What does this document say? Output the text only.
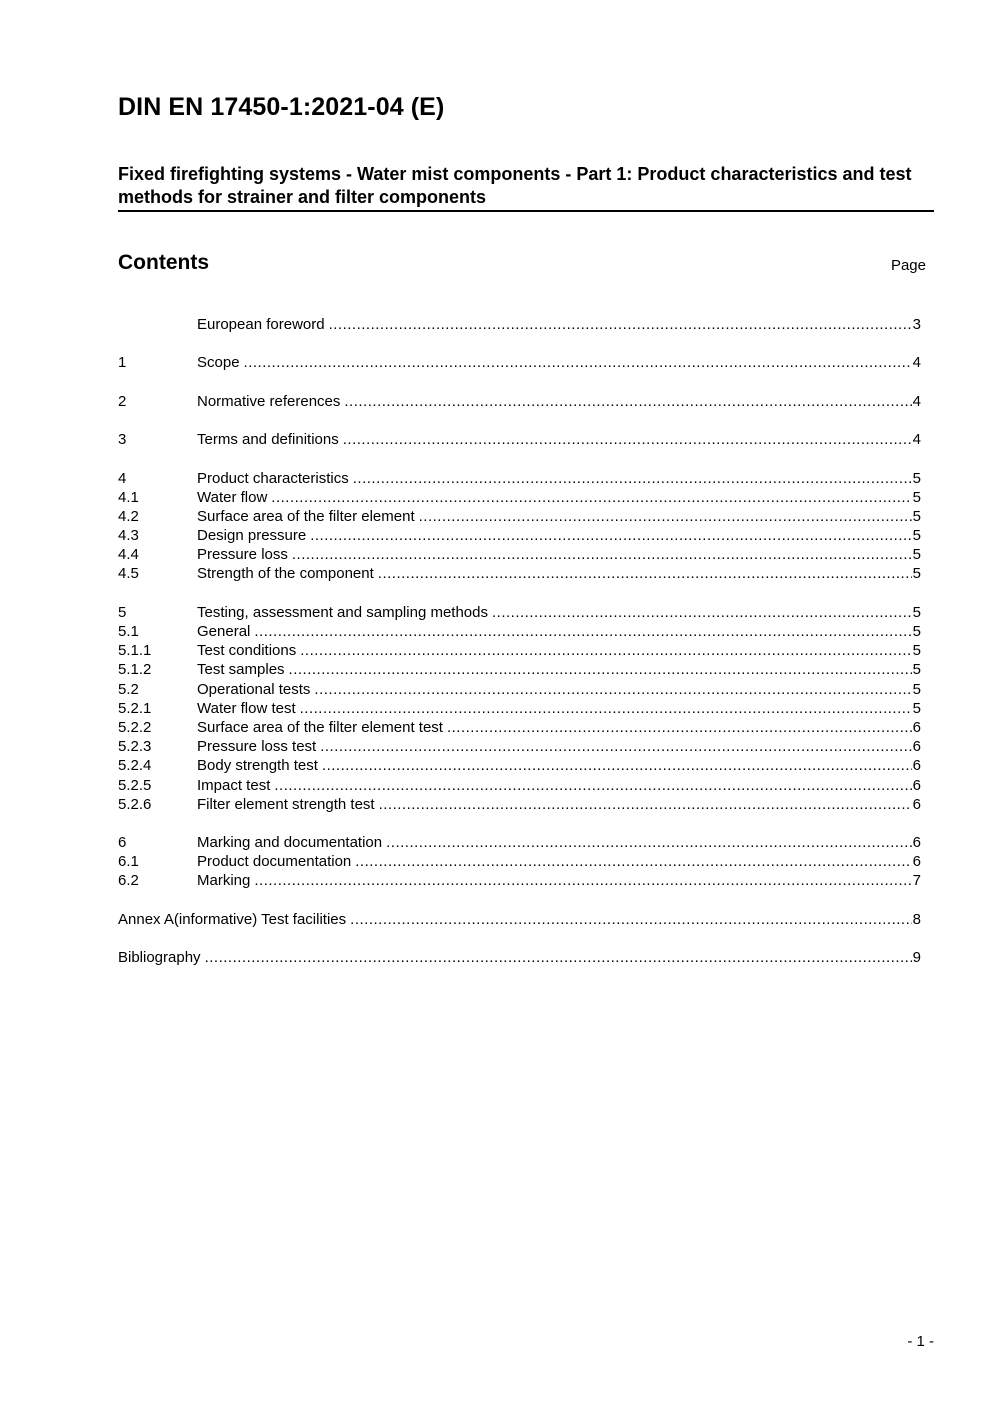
DIN EN 17450-1:2021-04 (E)
Fixed firefighting systems - Water mist components - Part 1: Product characteristics and test methods for strainer and filter components
Contents	Page
European foreword .....	3
1	Scope .....	4
2	Normative references .....	4
3	Terms and definitions .....	4
4	Product characteristics .....	5
4.1	Water flow .....	5
4.2	Surface area of the filter element .....	5
4.3	Design pressure .....	5
4.4	Pressure loss .....	5
4.5	Strength of the component .....	5
5	Testing, assessment and sampling methods .....	5
5.1	General .....	5
5.1.1	Test conditions .....	5
5.1.2	Test samples .....	5
5.2	Operational tests .....	5
5.2.1	Water flow test .....	5
5.2.2	Surface area of the filter element test .....	6
5.2.3	Pressure loss test .....	6
5.2.4	Body strength test .....	6
5.2.5	Impact test .....	6
5.2.6	Filter element strength test .....	6
6	Marking and documentation .....	6
6.1	Product documentation .....	6
6.2	Marking .....	7
Annex A(informative) Test facilities .....	8
Bibliography .....	9
- 1 -
